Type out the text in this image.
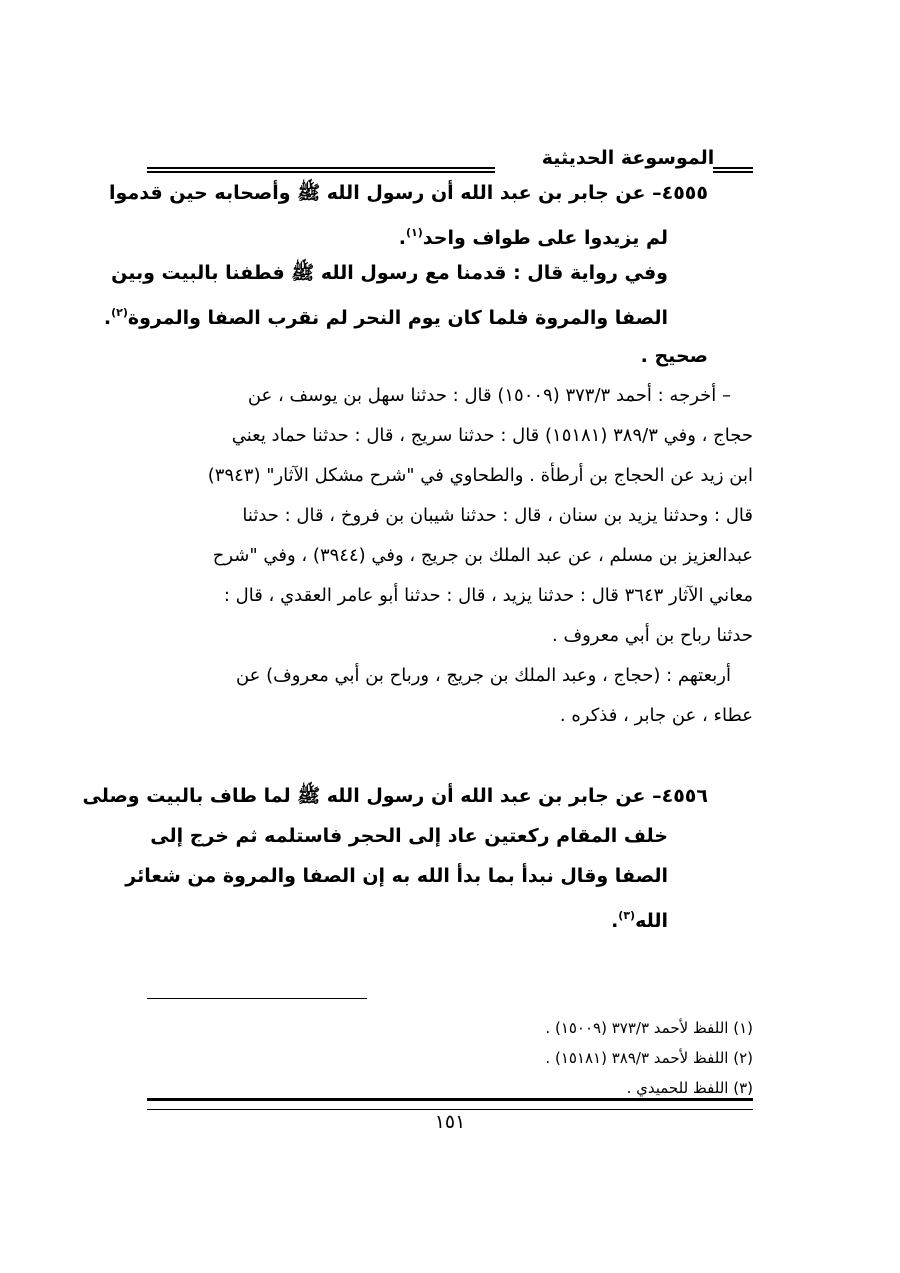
الموسوعة الحديثية
٤٥٥٥– عن جابر بن عبد الله أن رسول الله ﷺ وأصحابه حين قدموا
لم يزيدوا على طواف واحد$^{(١)}$.
وفي رواية قال : قدمنا مع رسول الله ﷺ فطفنا بالبيت وبين
الصفا والمروة فلما كان يوم النحر لم نقرب الصفا والمروة$^{(٢)}$.
صحيح .
– أخرجه : أحمد ٣٧٣/٣ (١٥٠٠٩) قال : حدثنا سهل بن يوسف ، عن
حجاج ، وفي ٣٨٩/٣ (١٥١٨١) قال : حدثنا سريج ، قال : حدثنا حماد يعني
ابن زيد عن الحجاج بن أرطأة . والطحاوي في "شرح مشكل الآثار" (٣٩٤٣)
قال : وحدثنا يزيد بن سنان ، قال : حدثنا شيبان بن فروخ ، قال : حدثنا
عبدالعزيز بن مسلم ، عن عبد الملك بن جريج ، وفي (٣٩٤٤) ، وفي "شرح
معاني الآثار ٣٦٤٣ قال : حدثنا يزيد ، قال : حدثنا أبو عامر العقدي ، قال :
حدثنا رباح بن أبي معروف .
أربعتهم : (حجاج ، وعبد الملك بن جريج ، ورباح بن أبي معروف) عن
عطاء ، عن جابر ، فذكره .
٤٥٥٦– عن جابر بن عبد الله أن رسول الله ﷺ لما طاف بالبيت وصلى
خلف المقام ركعتين عاد إلى الحجر فاستلمه ثم خرج إلى
الصفا وقال نبدأ بما بدأ الله به إن الصفا والمروة من شعائر
الله$^{(٣)}$.
(١) اللفظ لأحمد ٣٧٣/٣ (١٥٠٠٩) .
(٢) اللفظ لأحمد ٣٨٩/٣ (١٥١٨١) .
(٣) اللفظ للحميدي .
١٥١
